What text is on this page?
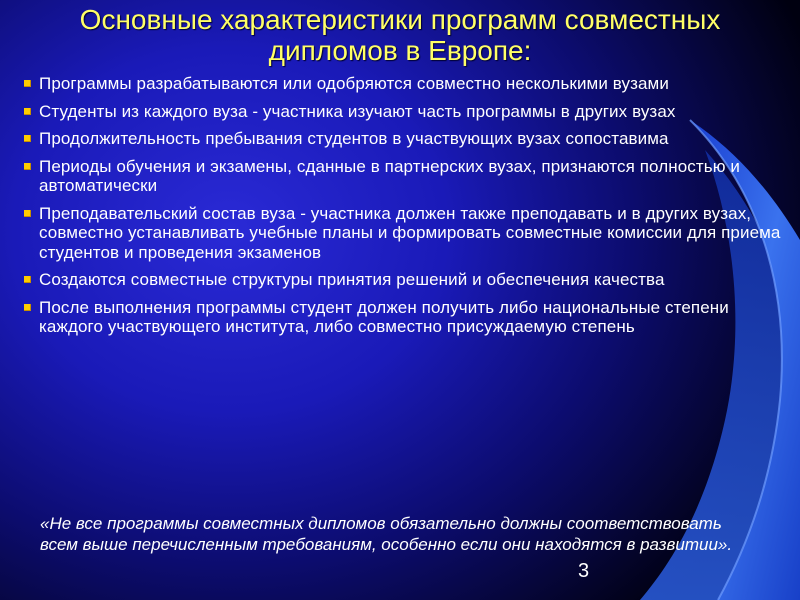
Основные характеристики программ совместных
дипломов в Европе:
Программы разрабатываются или одобряются совместно несколькими вузами
Студенты из каждого вуза - участника изучают часть программы в других вузах
Продолжительность пребывания студентов в участвующих вузах сопоставима
Периоды обучения и экзамены, сданные в партнерских вузах, признаются полностью и автоматически
Преподавательский состав вуза - участника должен также преподавать и в других вузах, совместно устанавливать учебные планы и формировать совместные комиссии для приема студентов и проведения экзаменов
Создаются совместные структуры принятия решений и обеспечения качества
После выполнения программы студент должен получить либо национальные степени каждого участвующего института, либо совместно присуждаемую степень
«Не все программы совместных дипломов обязательно должны соответствовать всем выше перечисленным требованиям, особенно если они находятся в развитии».
3
